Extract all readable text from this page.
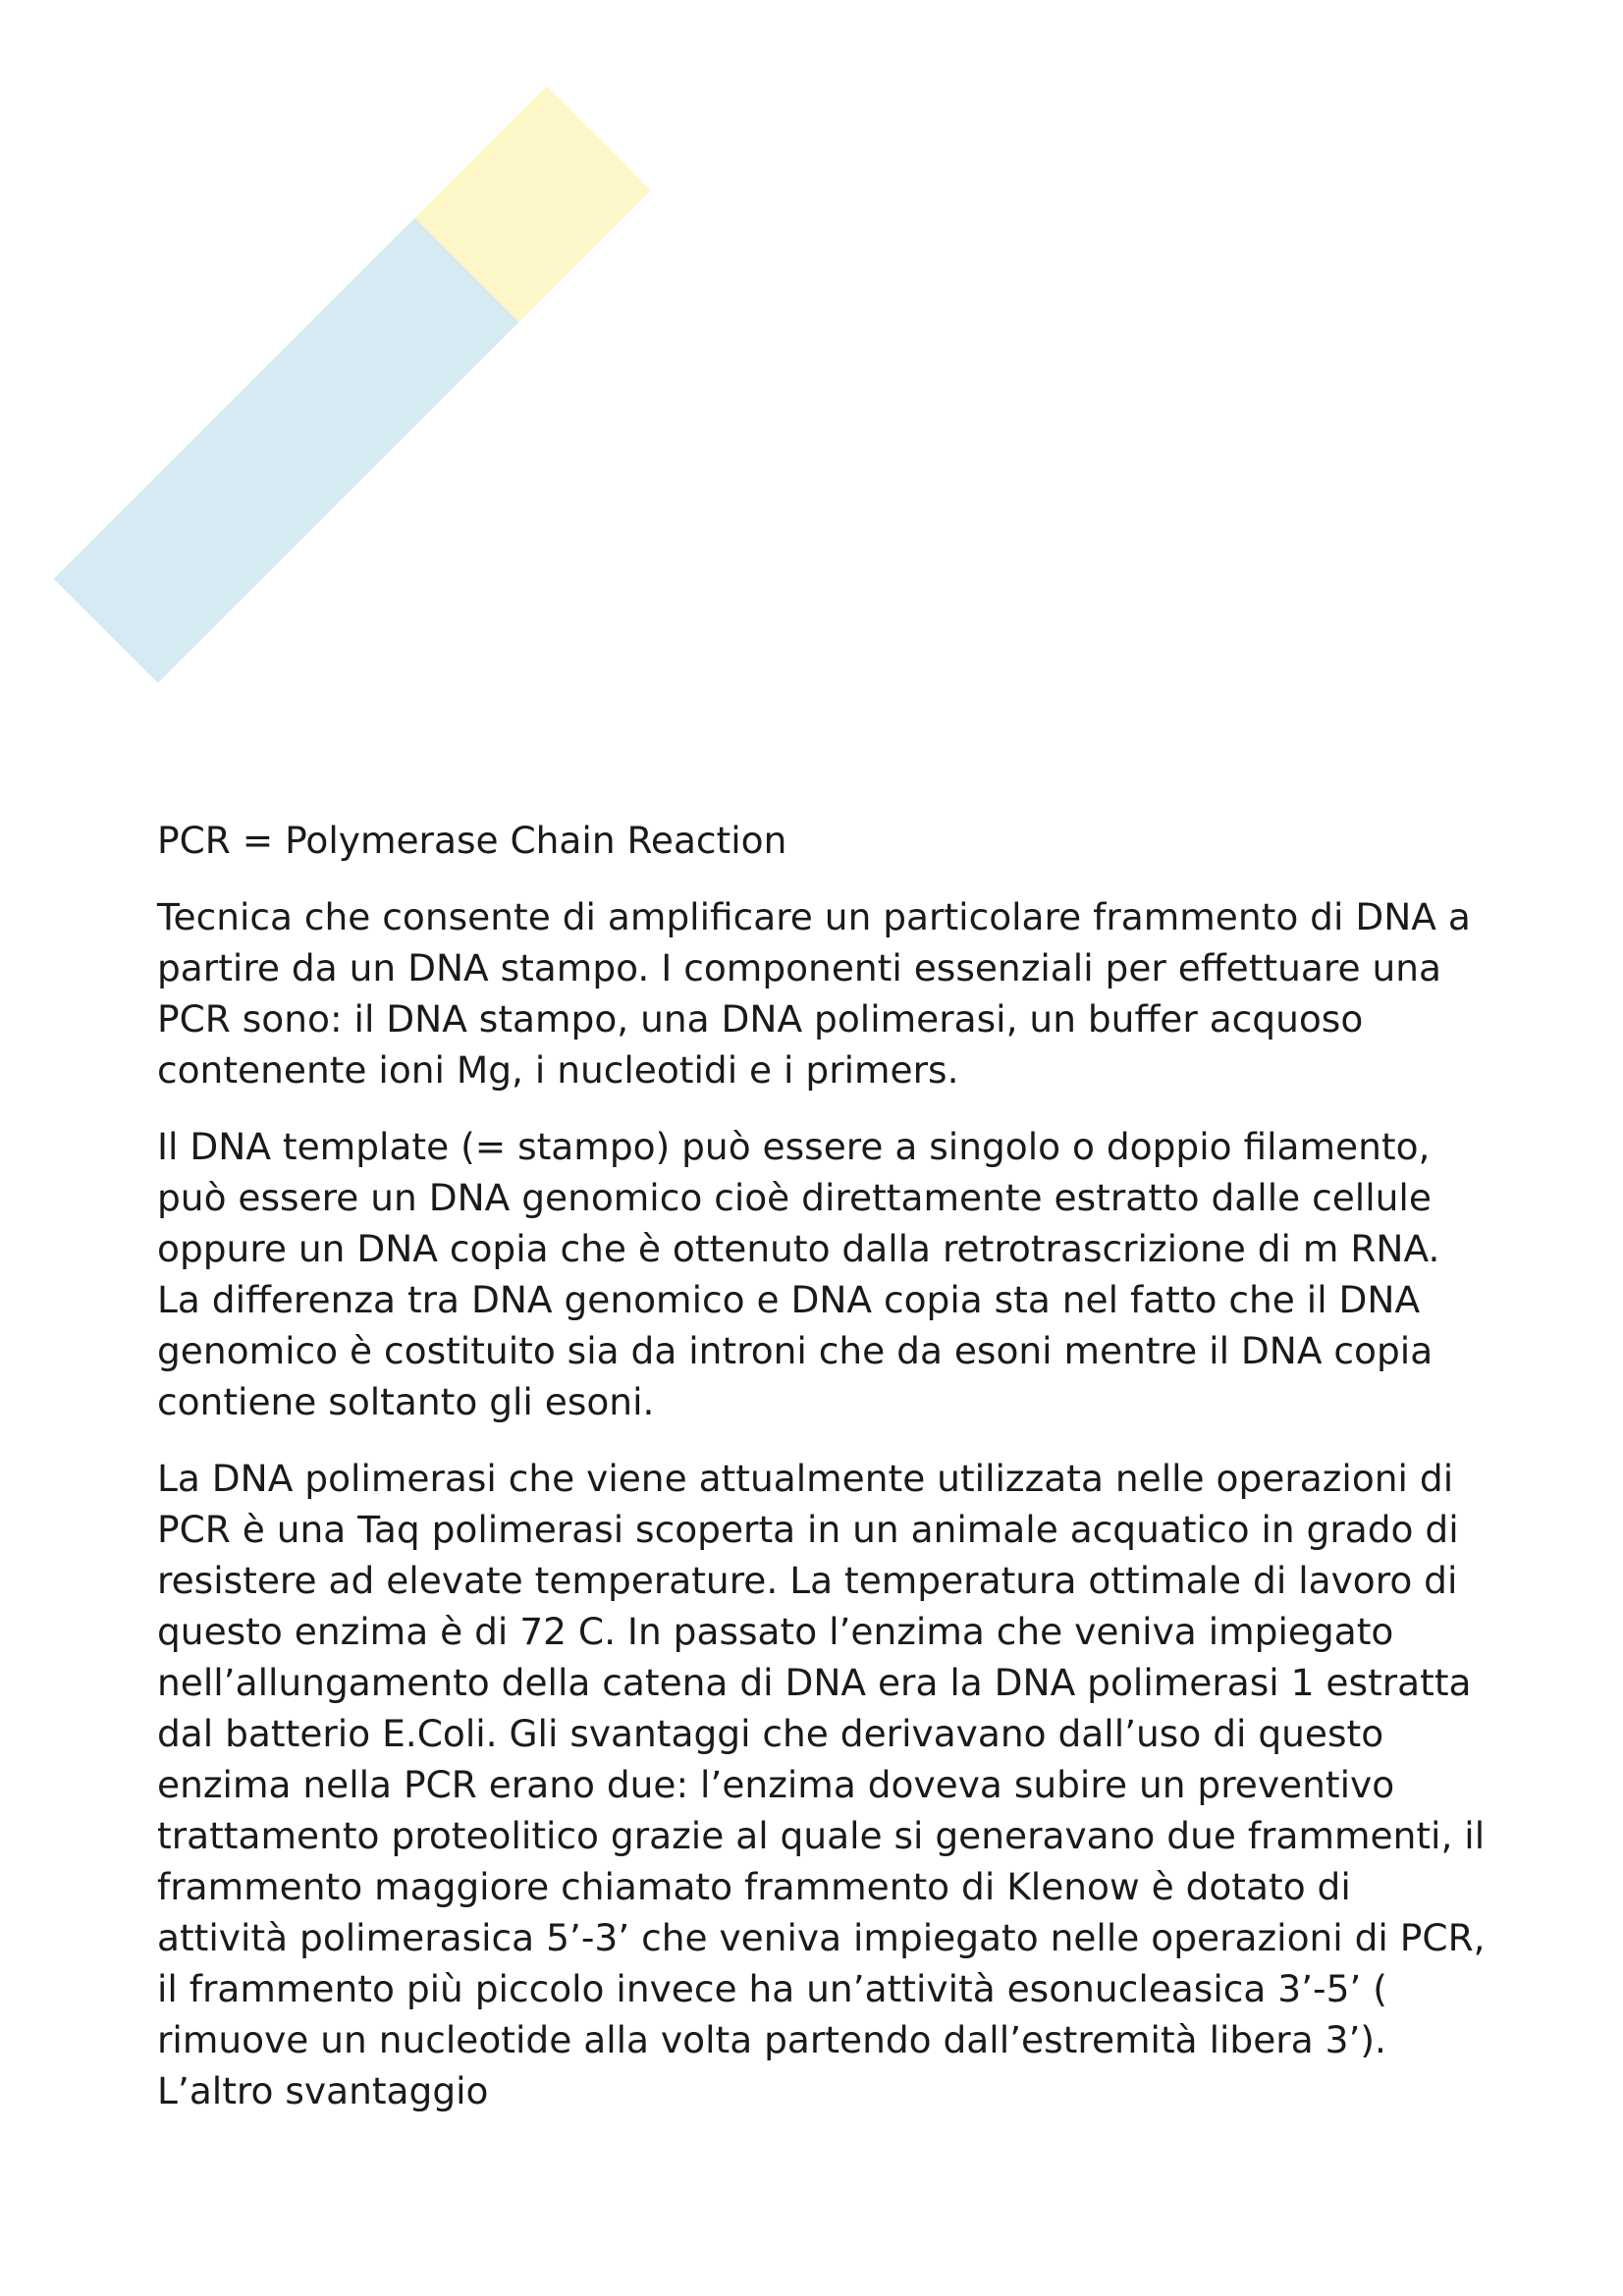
PCR = Polymerase Chain Reaction

Tecnica che consente di amplificare un particolare frammento di DNA a partire da un DNA stampo. I componenti essenziali per effettuare una PCR sono: il DNA stampo, una DNA polimerasi, un buffer acquoso contenente ioni Mg, i nucleotidi e i primers.

Il DNA template (= stampo) può essere a singolo o doppio filamento, può essere un DNA genomico cioè direttamente estratto dalle cellule oppure un DNA copia che è ottenuto dalla retrotrascrizione di m RNA. La differenza tra DNA genomico e DNA copia sta nel fatto che il DNA genomico è costituito sia da introni che da esoni mentre il DNA copia contiene soltanto gli esoni.

La DNA polimerasi che viene attualmente utilizzata nelle operazioni di PCR è una Taq polimerasi scoperta in un animale acquatico in grado di resistere ad elevate temperature. La temperatura ottimale di lavoro di questo enzima è di 72 C. In passato l’enzima che veniva impiegato nell’allungamento della catena di DNA era la DNA polimerasi 1 estratta dal batterio E.Coli. Gli svantaggi che derivavano dall’uso di questo enzima nella PCR erano due: l’enzima doveva subire un preventivo trattamento proteolitico grazie al quale si generavano due frammenti, il frammento maggiore chiamato frammento di Klenow è dotato di attività polimerasica 5’-3’ che veniva impiegato nelle operazioni di PCR, il frammento più piccolo invece ha un’attività esonucleasica 3’-5’ ( rimuove un nucleotide alla volta partendo dall’estremità libera 3’). L’altro svantaggio
